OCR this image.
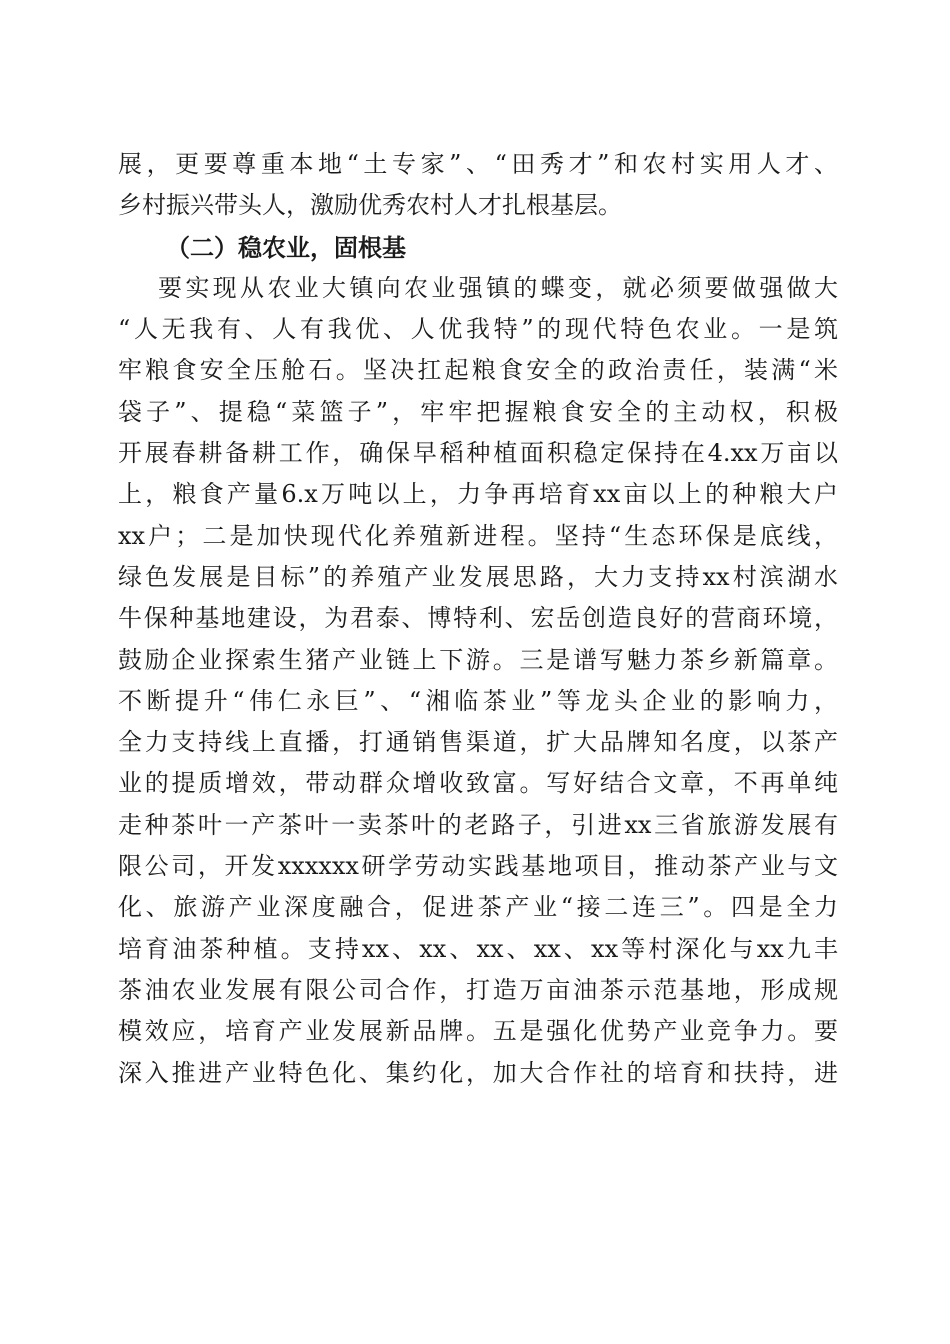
展，更要尊重本地“土专家”、“田秀才”和农村实用人才、
乡村振兴带头人，激励优秀农村人才扎根基层。
（二）稳农业，固根基
要实现从农业大镇向农业强镇的蝶变，就必须要做强做大
“人无我有、人有我优、人优我特”的现代特色农业。一是筑
牢粮食安全压舱石。坚决扛起粮食安全的政治责任，装满“米
袋子”、提稳“菜篮子”，牢牢把握粮食安全的主动权，积极
开展春耕备耕工作，确保早稻种植面积稳定保持在4.xx万亩以
上，粮食产量6.x万吨以上，力争再培育xx亩以上的种粮大户
xx户；二是加快现代化养殖新进程。坚持“生态环保是底线，
绿色发展是目标”的养殖产业发展思路，大力支持xx村滨湖水
牛保种基地建设，为君泰、博特利、宏岳创造良好的营商环境，
鼓励企业探索生猪产业链上下游。三是谱写魅力茶乡新篇章。
不断提升“伟仁永巨”、“湘临茶业”等龙头企业的影响力，
全力支持线上直播，打通销售渠道，扩大品牌知名度，以茶产
业的提质增效，带动群众增收致富。写好结合文章，不再单纯
走种茶叶一产茶叶一卖茶叶的老路子，引进xx三省旅游发展有
限公司，开发xxxxxx研学劳动实践基地项目，推动茶产业与文
化、旅游产业深度融合，促进茶产业“接二连三”。四是全力
培育油茶种植。支持xx、xx、xx、xx、xx等村深化与xx九丰
茶油农业发展有限公司合作，打造万亩油茶示范基地，形成规
模效应，培育产业发展新品牌。五是强化优势产业竞争力。要
深入推进产业特色化、集约化，加大合作社的培育和扶持，进
